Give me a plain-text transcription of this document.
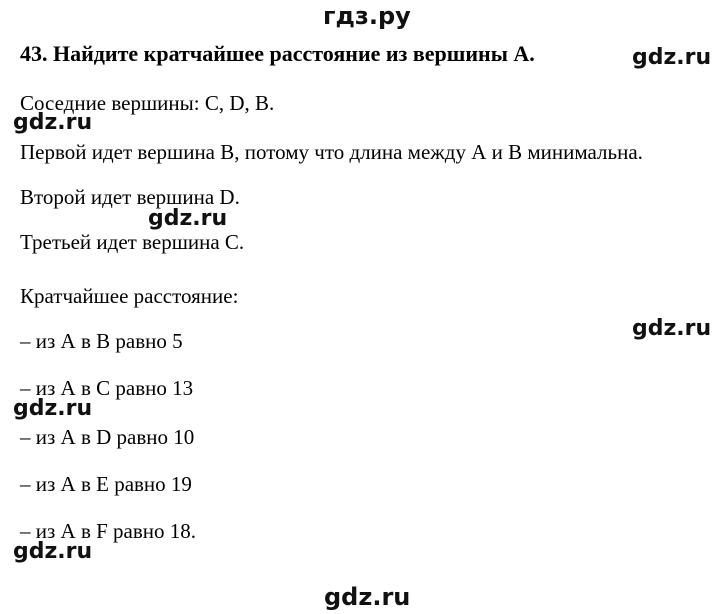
гдз.ру
43. Найдите кратчайшее расстояние из вершины А.	gdz.ru
Соседние вершины: С, D, В.
gdz.ru
Первой идет вершина В, потому что длина между А и В минимальна.
Второй идет вершина D.
gdz.ru
Третьей идет вершина С.
Кратчайшее расстояние:
gdz.ru
– из А в В равно 5
– из А в С равно 13
gdz.ru
– из А в D равно 10
– из А в Е равно 19
– из А в F равно 18.
gdz.ru
gdz.ru
